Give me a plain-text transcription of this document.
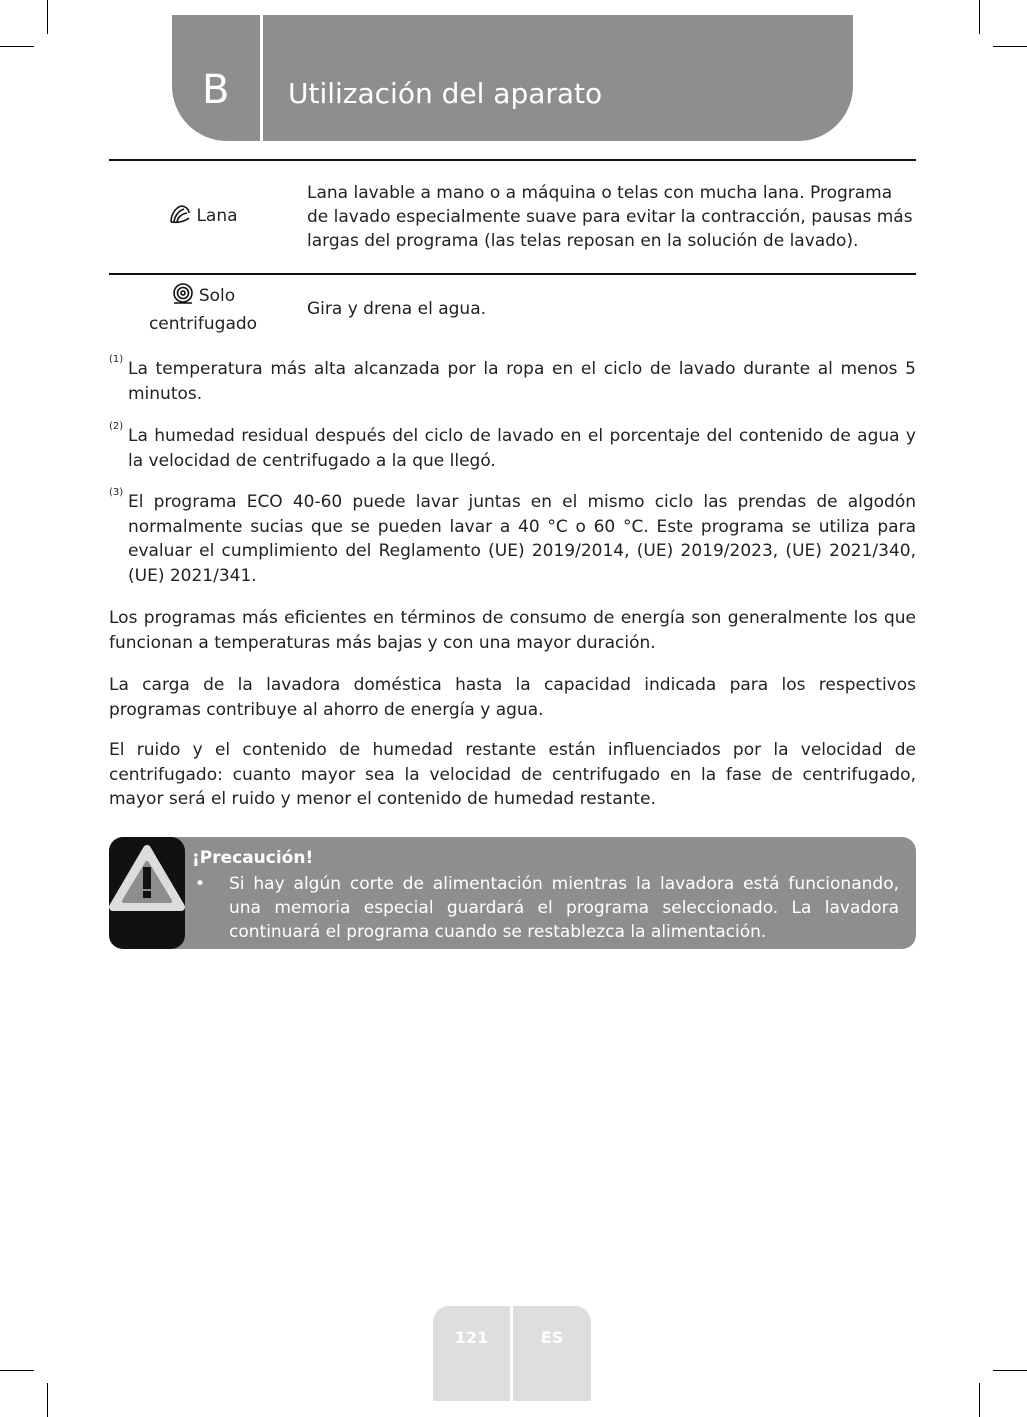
B Utilización del aparato
Lana
Lana lavable a mano o a máquina o telas con mucha lana. Programa de lavado especialmente suave para evitar la contracción, pausas más largas del programa (las telas reposan en la solución de lavado).
Solo
centrifugado
Gira y drena el agua.
(1) La temperatura más alta alcanzada por la ropa en el ciclo de lavado durante al menos 5 minutos.
(2) La humedad residual después del ciclo de lavado en el porcentaje del contenido de agua y la velocidad de centrifugado a la que llegó.
(3) El programa ECO 40-60 puede lavar juntas en el mismo ciclo las prendas de algodón normalmente sucias que se pueden lavar a 40 °C o 60 °C. Este programa se utiliza para evaluar el cumplimiento del Reglamento (UE) 2019/2014, (UE) 2019/2023, (UE) 2021/340, (UE) 2021/341.
Los programas más eficientes en términos de consumo de energía son generalmente los que funcionan a temperaturas más bajas y con una mayor duración.
La carga de la lavadora doméstica hasta la capacidad indicada para los respectivos programas contribuye al ahorro de energía y agua.
El ruido y el contenido de humedad restante están influenciados por la velocidad de centrifugado: cuanto mayor sea la velocidad de centrifugado en la fase de centrifugado, mayor será el ruido y menor el contenido de humedad restante.
¡Precaución!
• Si hay algún corte de alimentación mientras la lavadora está funcionando, una memoria especial guardará el programa seleccionado. La lavadora continuará el programa cuando se restablezca la alimentación.
121	ES
